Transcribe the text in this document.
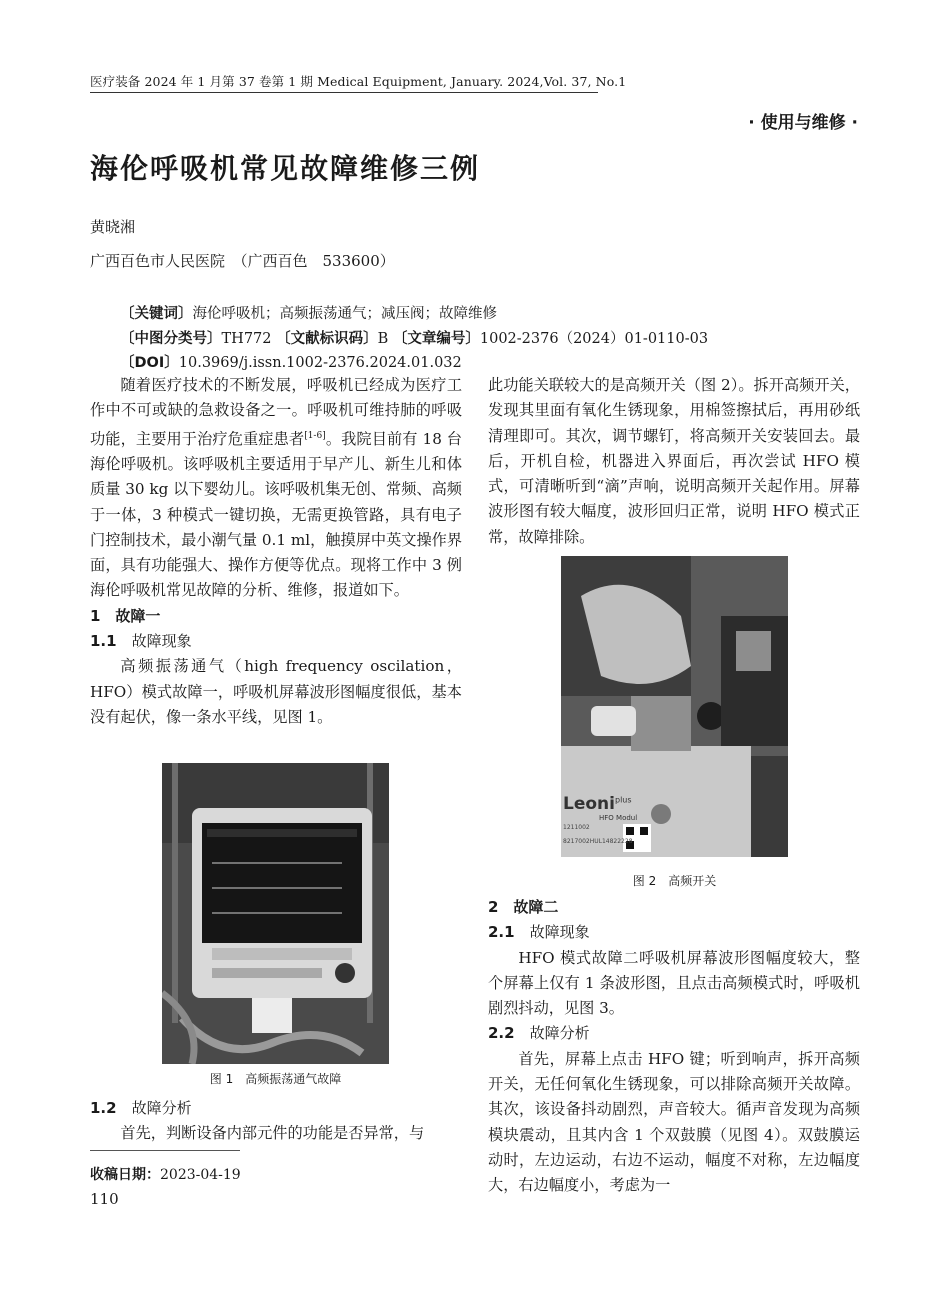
医疗装备 2024 年 1 月第 37 卷第 1 期 Medical Equipment, January. 2024,Vol. 37, No.1
· 使用与维修 ·
海伦呼吸机常见故障维修三例
黄晓湘
广西百色市人民医院　（广西百色　533600）
〔关键词〕海伦呼吸机；高频振荡通气；减压阀；故障维修
〔中图分类号〕TH772 〔文献标识码〕B 〔文章编号〕1002-2376（2024）01-0110-03
〔DOI〕10.3969/j.issn.1002-2376.2024.01.032

随着医疗技术的不断发展，呼吸机已经成为医疗工作中不可或缺的急救设备之一。呼吸机可维持肺的呼吸功能，主要用于治疗危重症患者[1-6]。我院目前有 18 台海伦呼吸机。该呼吸机主要适用于早产儿、新生儿和体质量 30 kg 以下婴幼儿。该呼吸机集无创、常频、高频于一体，3 种模式一键切换，无需更换管路，具有电子门控制技术，最小潮气量 0.1 ml，触摸屏中英文操作界面，具有功能强大、操作方便等优点。现将工作中 3 例海伦呼吸机常见故障的分析、维修，报道如下。

1　故障一

1.1　 故障现象

高频振荡通气（high frequency oscilation，HFO）模式故障一，呼吸机屏幕波形图幅度很低，基本没有起伏，像一条水平线，见图 1。

图 1　高频振荡通气故障

1.2　 故障分析

首先，判断设备内部元件的功能是否异常，与

此功能关联较大的是高频开关（图 2）。拆开高频开关，发现其里面有氧化生锈现象，用棉签擦拭后，再用砂纸清理即可。其次，调节螺钉，将高频开关安装回去。最后，开机自检，机器进入界面后，再次尝试 HFO 模式，可清晰听到“滴”声响，说明高频开关起作用。屏幕波形图有较大幅度，波形回归正常，说明 HFO 模式正常，故障排除。

Leoni$^{plus}$
HFO Modul
1211002
8217002HUL14822228
图 2　高频开关

2　故障二

2.1　 故障现象

HFO 模式故障二呼吸机屏幕波形图幅度较大，整个屏幕上仅有 1 条波形图，且点击高频模式时，呼吸机剧烈抖动，见图 3。

2.2　 故障分析

首先，屏幕上点击 HFO 键；听到响声，拆开高频开关，无任何氧化生锈现象，可以排除高频开关故障。其次，该设备抖动剧烈，声音较大。循声音发现为高频模块震动，且其内含 1 个双鼓膜（见图 4）。双鼓膜运动时，左边运动，右边不运动，幅度不对称，左边幅度大，右边幅度小，考虑为一

收稿日期：2023-04-19
110
